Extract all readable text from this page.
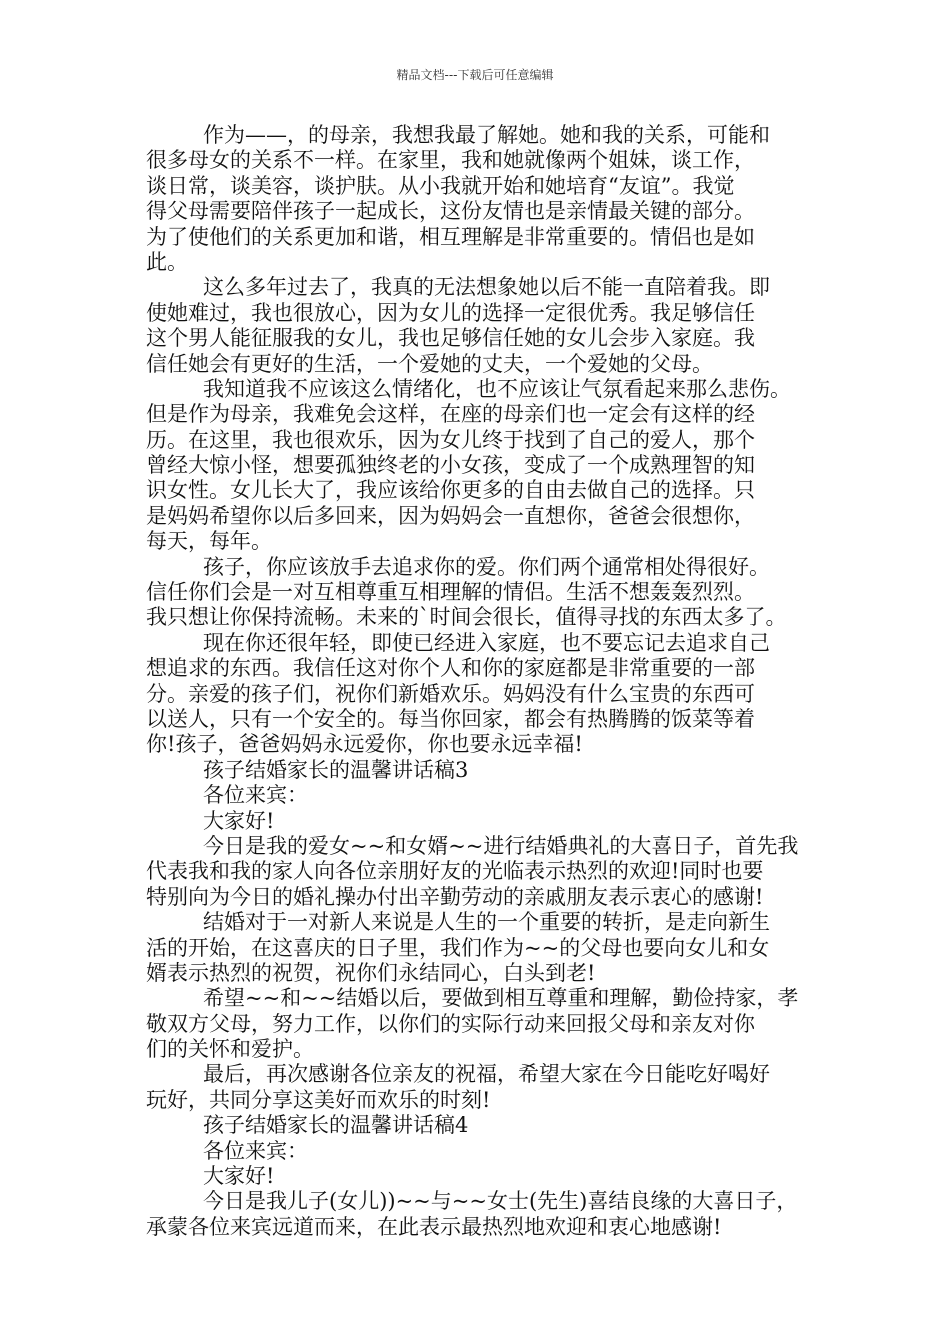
精品文档---下载后可任意编辑
作为——，的母亲，我想我最了解她。她和我的关系，可能和
很多母女的关系不一样。在家里，我和她就像两个姐妹，谈工作，
谈日常，谈美容，谈护肤。从小我就开始和她培育“友谊”。我觉
得父母需要陪伴孩子一起成长，这份友情也是亲情最关键的部分。
为了使他们的关系更加和谐，相互理解是非常重要的。情侣也是如
此。
这么多年过去了，我真的无法想象她以后不能一直陪着我。即
使她难过，我也很放心，因为女儿的选择一定很优秀。我足够信任
这个男人能征服我的女儿，我也足够信任她的女儿会步入家庭。我
信任她会有更好的生活，一个爱她的丈夫，一个爱她的父母。
我知道我不应该这么情绪化，也不应该让气氛看起来那么悲伤。
但是作为母亲，我难免会这样，在座的母亲们也一定会有这样的经
历。在这里，我也很欢乐，因为女儿终于找到了自己的爱人，那个
曾经大惊小怪，想要孤独终老的小女孩，变成了一个成熟理智的知
识女性。女儿长大了，我应该给你更多的自由去做自己的选择。只
是妈妈希望你以后多回来，因为妈妈会一直想你，爸爸会很想你，
每天，每年。
孩子，你应该放手去追求你的爱。你们两个通常相处得很好。
信任你们会是一对互相尊重互相理解的情侣。生活不想轰轰烈烈。
我只想让你保持流畅。未来的`时间会很长，值得寻找的东西太多了。
现在你还很年轻，即使已经进入家庭，也不要忘记去追求自己
想追求的东西。我信任这对你个人和你的家庭都是非常重要的一部
分。亲爱的孩子们，祝你们新婚欢乐。妈妈没有什么宝贵的东西可
以送人，只有一个安全的。每当你回家，都会有热腾腾的饭菜等着
你!孩子，爸爸妈妈永远爱你，你也要永远幸福!
孩子结婚家长的温馨讲话稿3
各位来宾：
大家好!
今日是我的爱女~~和女婿~~进行结婚典礼的大喜日子，首先我
代表我和我的家人向各位亲朋好友的光临表示热烈的欢迎!同时也要
特别向为今日的婚礼操办付出辛勤劳动的亲戚朋友表示衷心的感谢!
结婚对于一对新人来说是人生的一个重要的转折，是走向新生
活的开始，在这喜庆的日子里，我们作为~~的父母也要向女儿和女
婿表示热烈的祝贺，祝你们永结同心，白头到老!
希望~~和~~结婚以后，要做到相互尊重和理解，勤俭持家，孝
敬双方父母，努力工作，以你们的实际行动来回报父母和亲友对你
们的关怀和爱护。
最后，再次感谢各位亲友的祝福，希望大家在今日能吃好喝好
玩好，共同分享这美好而欢乐的时刻!
孩子结婚家长的温馨讲话稿4
各位来宾：
大家好!
今日是我儿子(女儿))~~与~~女士(先生)喜结良缘的大喜日子，
承蒙各位来宾远道而来，在此表示最热烈地欢迎和衷心地感谢!
